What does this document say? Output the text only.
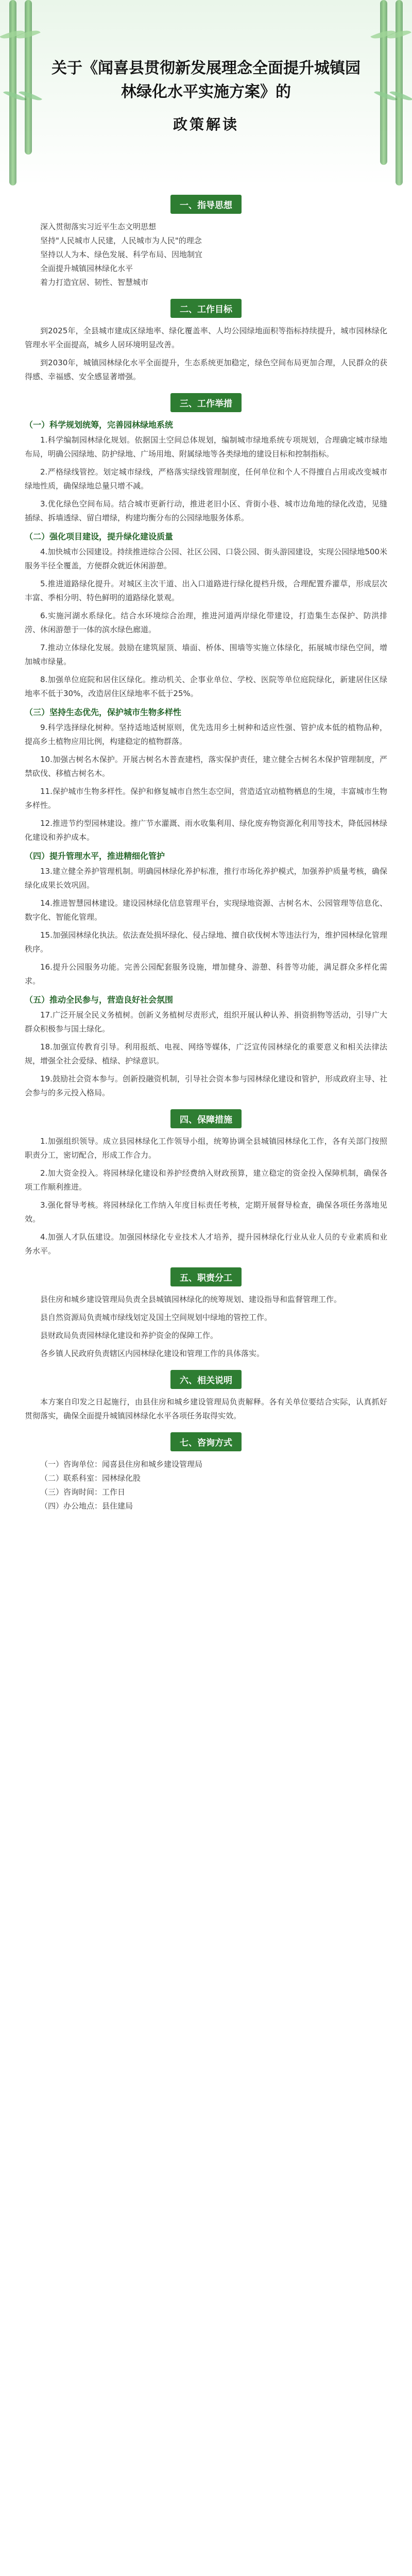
关于《闻喜县贯彻新发展理念全面提升城镇园林绿化水平实施方案》的
政策解读
一、指导思想

深入贯彻落实习近平生态文明思想

坚持"人民城市人民建，人民城市为人民"的理念

坚持以人为本、绿色发展、科学布局、因地制宜

全面提升城镇园林绿化水平

着力打造宜居、韧性、智慧城市

二、工作目标

到2025年，全县城市建成区绿地率、绿化覆盖率、人均公园绿地面积等指标持续提升，城市园林绿化管理水平全面提高，城乡人居环境明显改善。

到2030年，城镇园林绿化水平全面提升，生态系统更加稳定，绿色空间布局更加合理，人民群众的获得感、幸福感、安全感显著增强。

三、工作举措
（一）科学规划统筹，完善园林绿地系统

1.科学编制园林绿化规划。依据国土空间总体规划，编制城市绿地系统专项规划，合理确定城市绿地布局，明确公园绿地、防护绿地、广场用地、附属绿地等各类绿地的建设目标和控制指标。

2.严格绿线管控。划定城市绿线，严格落实绿线管理制度，任何单位和个人不得擅自占用或改变城市绿地性质，确保绿地总量只增不减。

3.优化绿色空间布局。结合城市更新行动，推进老旧小区、背街小巷、城市边角地的绿化改造，见缝插绿、拆墙透绿、留白增绿，构建均衡分布的公园绿地服务体系。

（二）强化项目建设，提升绿化建设质量

4.加快城市公园建设。持续推进综合公园、社区公园、口袋公园、街头游园建设，实现公园绿地500米服务半径全覆盖，方便群众就近休闲游憩。

5.推进道路绿化提升。对城区主次干道、出入口道路进行绿化提档升级，合理配置乔灌草，形成层次丰富、季相分明、特色鲜明的道路绿化景观。

6.实施河湖水系绿化。结合水环境综合治理，推进河道两岸绿化带建设，打造集生态保护、防洪排涝、休闲游憩于一体的滨水绿色廊道。

7.推动立体绿化发展。鼓励在建筑屋顶、墙面、桥体、围墙等实施立体绿化，拓展城市绿色空间，增加城市绿量。

8.加强单位庭院和居住区绿化。推动机关、企事业单位、学校、医院等单位庭院绿化，新建居住区绿地率不低于30%，改造居住区绿地率不低于25%。

（三）坚持生态优先，保护城市生物多样性

9.科学选择绿化树种。坚持适地适树原则，优先选用乡土树种和适应性强、管护成本低的植物品种，提高乡土植物应用比例，构建稳定的植物群落。

10.加强古树名木保护。开展古树名木普查建档，落实保护责任，建立健全古树名木保护管理制度，严禁砍伐、移植古树名木。

11.保护城市生物多样性。保护和修复城市自然生态空间，营造适宜动植物栖息的生境，丰富城市生物多样性。

12.推进节约型园林建设。推广节水灌溉、雨水收集利用、绿化废弃物资源化利用等技术，降低园林绿化建设和养护成本。

（四）提升管理水平，推进精细化管护

13.建立健全养护管理机制。明确园林绿化养护标准，推行市场化养护模式，加强养护质量考核，确保绿化成果长效巩固。

14.推进智慧园林建设。建设园林绿化信息管理平台，实现绿地资源、古树名木、公园管理等信息化、数字化、智能化管理。

15.加强园林绿化执法。依法查处损坏绿化、侵占绿地、擅自砍伐树木等违法行为，维护园林绿化管理秩序。

16.提升公园服务功能。完善公园配套服务设施，增加健身、游憩、科普等功能，满足群众多样化需求。

（五）推动全民参与，营造良好社会氛围

17.广泛开展全民义务植树。创新义务植树尽责形式，组织开展认种认养、捐资捐物等活动，引导广大群众积极参与国土绿化。

18.加强宣传教育引导。利用报纸、电视、网络等媒体，广泛宣传园林绿化的重要意义和相关法律法规，增强全社会爱绿、植绿、护绿意识。

19.鼓励社会资本参与。创新投融资机制，引导社会资本参与园林绿化建设和管护，形成政府主导、社会参与的多元投入格局。

四、保障措施

1.加强组织领导。成立县园林绿化工作领导小组，统筹协调全县城镇园林绿化工作，各有关部门按照职责分工，密切配合，形成工作合力。

2.加大资金投入。将园林绿化建设和养护经费纳入财政预算，建立稳定的资金投入保障机制，确保各项工作顺利推进。

3.强化督导考核。将园林绿化工作纳入年度目标责任考核，定期开展督导检查，确保各项任务落地见效。

4.加强人才队伍建设。加强园林绿化专业技术人才培养，提升园林绿化行业从业人员的专业素质和业务水平。

五、职责分工

县住房和城乡建设管理局负责全县城镇园林绿化的统筹规划、建设指导和监督管理工作。

县自然资源局负责城市绿线划定及国土空间规划中绿地的管控工作。

县财政局负责园林绿化建设和养护资金的保障工作。

各乡镇人民政府负责辖区内园林绿化建设和管理工作的具体落实。

六、相关说明

本方案自印发之日起施行，由县住房和城乡建设管理局负责解释。各有关单位要结合实际，认真抓好贯彻落实，确保全面提升城镇园林绿化水平各项任务取得实效。

七、咨询方式

（一）咨询单位：闻喜县住房和城乡建设管理局

（二）联系科室：园林绿化股

（三）咨询时间：工作日

（四）办公地点：县住建局
